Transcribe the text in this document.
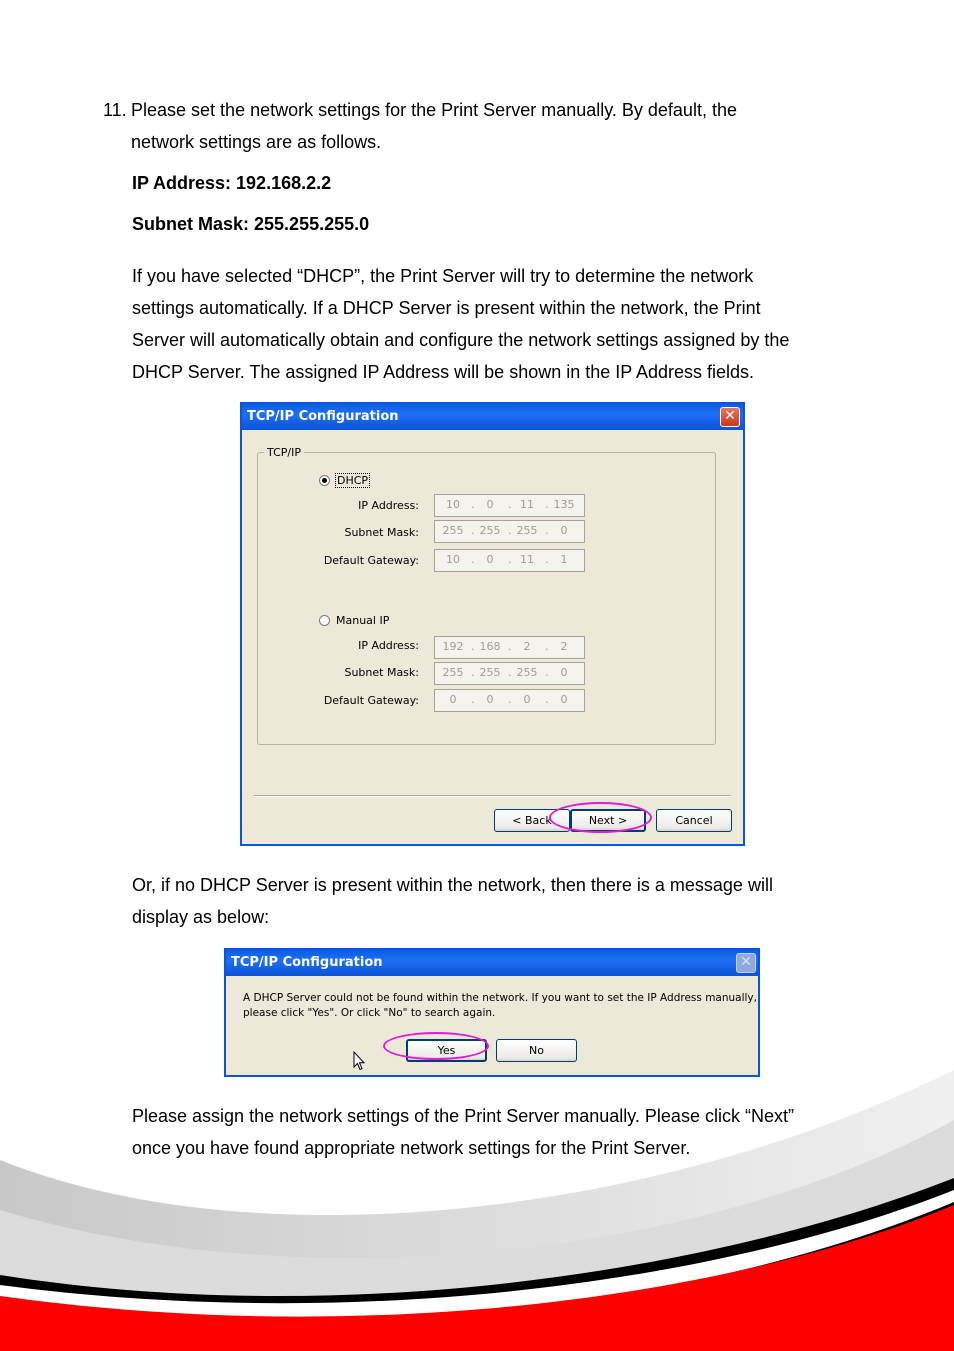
11. Please set the network settings for the Print Server manually. By default, the
network settings are as follows.
IP Address: 192.168.2.2
Subnet Mask: 255.255.255.0
If you have selected “DHCP”, the Print Server will try to determine the network
settings automatically. If a DHCP Server is present within the network, the Print
Server will automatically obtain and configure the network settings assigned by the
DHCP Server. The assigned IP Address will be shown in the IP Address fields.
TCP/IP Configuration	✕
TCP/IP
DHCP
IP Address:	10	.	0	. 11	. 135
Subnet Mask: 255 . 255 . 255 .	0
Default Gateway:	10	.	0	. 11	.	1
Manual IP
IP Address: 192 . 168 .	2	.	2
Subnet Mask: 255 . 255 . 255 .	0
Default Gateway:	0	.	0	.	0	.	0
< Back	Next >	Cancel
Or, if no DHCP Server is present within the network, then there is a message will
display as below:
TCP/IP Configuration	✕
A DHCP Server could not be found within the network. If you want to set the IP Address manually,
please click "Yes". Or click "No" to search again.
Yes	No
Please assign the network settings of the Print Server manually. Please click “Next”
once you have found appropriate network settings for the Print Server.
